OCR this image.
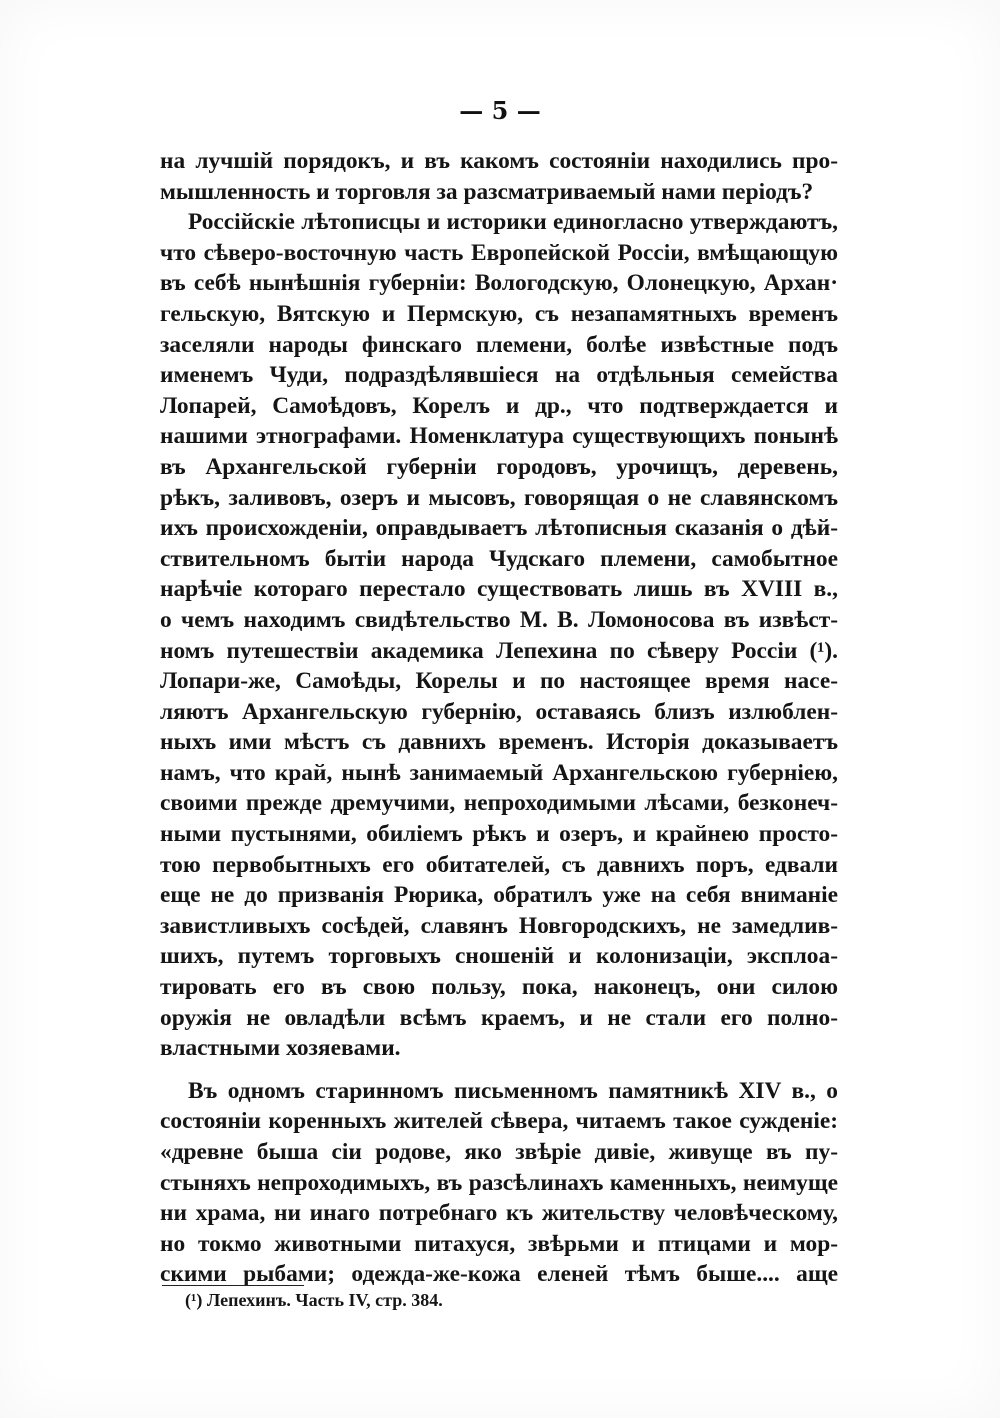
— 5 —
на лучшій порядокъ, и въ какомъ состояніи находились про-
мышленность и торговля за разсматриваемый нами періодъ?
Россійскіе лѣтописцы и историки единогласно утверждаютъ,
что сѣверо-восточную часть Европейской Россіи, вмѣщающую
въ себѣ нынѣшнія губерніи: Вологодскую, Олонецкую, Архан·
гельскую, Вятскую и Пермскую, съ незапамятныхъ временъ
заселяли народы финскаго племени, болѣе извѣстные подъ
именемъ Чуди, подраздѣлявшіеся на отдѣльныя семейства
Лопарей, Самоѣдовъ, Корелъ и др., что подтверждается и
нашими этнографами. Номенклатура существующихъ понынѣ
въ Архангельской губерніи городовъ, урочищъ, деревень,
рѣкъ, заливовъ, озеръ и мысовъ, говорящая о не славянскомъ
ихъ происхожденіи, оправдываетъ лѣтописныя сказанія о дѣй-
ствительномъ бытіи народа Чудскаго племени, самобытное
нарѣчіе котораго перестало существовать лишь въ XVIII в.,
о чемъ находимъ свидѣтельство М. В. Ломоносова въ извѣст-
номъ путешествіи академика Лепехина по сѣверу Россіи (¹).
Лопари-же, Самоѣды, Корелы и по настоящее время насе-
ляютъ Архангельскую губернію, оставаясь близъ излюблен-
ныхъ ими мѣстъ съ давнихъ временъ. Исторія доказываетъ
намъ, что край, нынѣ занимаемый Архангельскою губерніею,
своими прежде дремучими, непроходимыми лѣсами, безконеч-
ными пустынями, обиліемъ рѣкъ и озеръ, и крайнею просто-
тою первобытныхъ его обитателей, съ давнихъ поръ, едвали
еще не до призванія Рюрика, обратилъ уже на себя вниманіе
завистливыхъ сосѣдей, славянъ Новгородскихъ, не замедлив-
шихъ, путемъ торговыхъ сношеній и колонизаціи, эксплоа-
тировать его въ свою пользу, пока, наконецъ, они силою
оружія не овладѣли всѣмъ краемъ, и не стали его полно-
властными хозяевами.
Въ одномъ старинномъ письменномъ памятникѣ XIV в., о
состояніи коренныхъ жителей сѣвера, читаемъ такое сужденіе:
«древне быша сіи родове, яко звѣріе дивіе, живуще въ пу-
стыняхъ непроходимыхъ, въ разсѣлинахъ каменныхъ, неимуще
ни храма, ни инаго потребнаго къ жительству человѣческому,
но токмо животными питахуся, звѣрьми и птицами и мор-
скими рыбами; одежда-же-кожа еленей тѣмъ быше.... аще
(¹) Лепехинъ. Часть IV, стр. 384.
